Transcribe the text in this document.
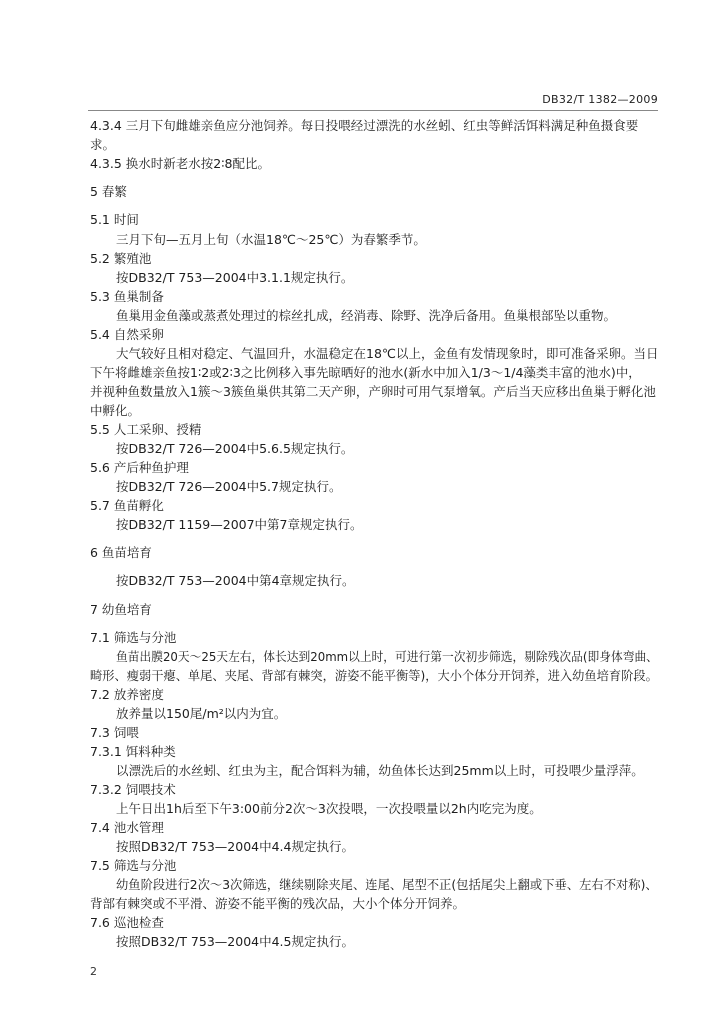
DB32/T 1382—2009
4.3.4 三月下旬雌雄亲鱼应分池饲养。每日投喂经过漂洗的水丝蚓、红虫等鲜活饵料满足种鱼摄食要
求。
4.3.5 换水时新老水按2∶8配比。
5 春繁
5.1 时间
三月下旬—五月上旬（水温18℃～25℃）为春繁季节。
5.2 繁殖池
按DB32/T 753—2004中3.1.1规定执行。
5.3 鱼巢制备
鱼巢用金鱼藻或蒸煮处理过的棕丝扎成，经消毒、除野、洗净后备用。鱼巢根部坠以重物。
5.4 自然采卵
大气较好且相对稳定、气温回升，水温稳定在18℃以上，金鱼有发情现象时，即可准备采卵。当日
下午将雌雄亲鱼按1∶2或2∶3之比例移入事先晾晒好的池水(新水中加入1/3～1/4藻类丰富的池水)中，
并视种鱼数量放入1簇～3簇鱼巢供其第二天产卵，产卵时可用气泵增氧。产后当天应移出鱼巢于孵化池
中孵化。
5.5 人工采卵、授精
按DB32/T 726—2004中5.6.5规定执行。
5.6 产后种鱼护理
按DB32/T 726—2004中5.7规定执行。
5.7 鱼苗孵化
按DB32/T 1159—2007中第7章规定执行。
6 鱼苗培育
按DB32/T 753—2004中第4章规定执行。
7 幼鱼培育
7.1 筛选与分池
鱼苗出膜20天～25天左右，体长达到20mm以上时，可进行第一次初步筛选，剔除残次品(即身体弯曲、
畸形、瘦弱干瘪、单尾、夹尾、背部有棘突，游姿不能平衡等)，大小个体分开饲养，进入幼鱼培育阶段。
7.2 放养密度
放养量以150尾/m²以内为宜。
7.3 饲喂
7.3.1 饵料种类
以漂洗后的水丝蚓、红虫为主，配合饵料为辅，幼鱼体长达到25mm以上时，可投喂少量浮萍。
7.3.2 饲喂技术
上午日出1h后至下午3:00前分2次～3次投喂，一次投喂量以2h内吃完为度。
7.4 池水管理
按照DB32/T 753—2004中4.4规定执行。
7.5 筛选与分池
幼鱼阶段进行2次～3次筛选，继续剔除夹尾、连尾、尾型不正(包括尾尖上翻或下垂、左右不对称)、
背部有棘突或不平滑、游姿不能平衡的残次品，大小个体分开饲养。
7.6 巡池检查
按照DB32/T 753—2004中4.5规定执行。
2
